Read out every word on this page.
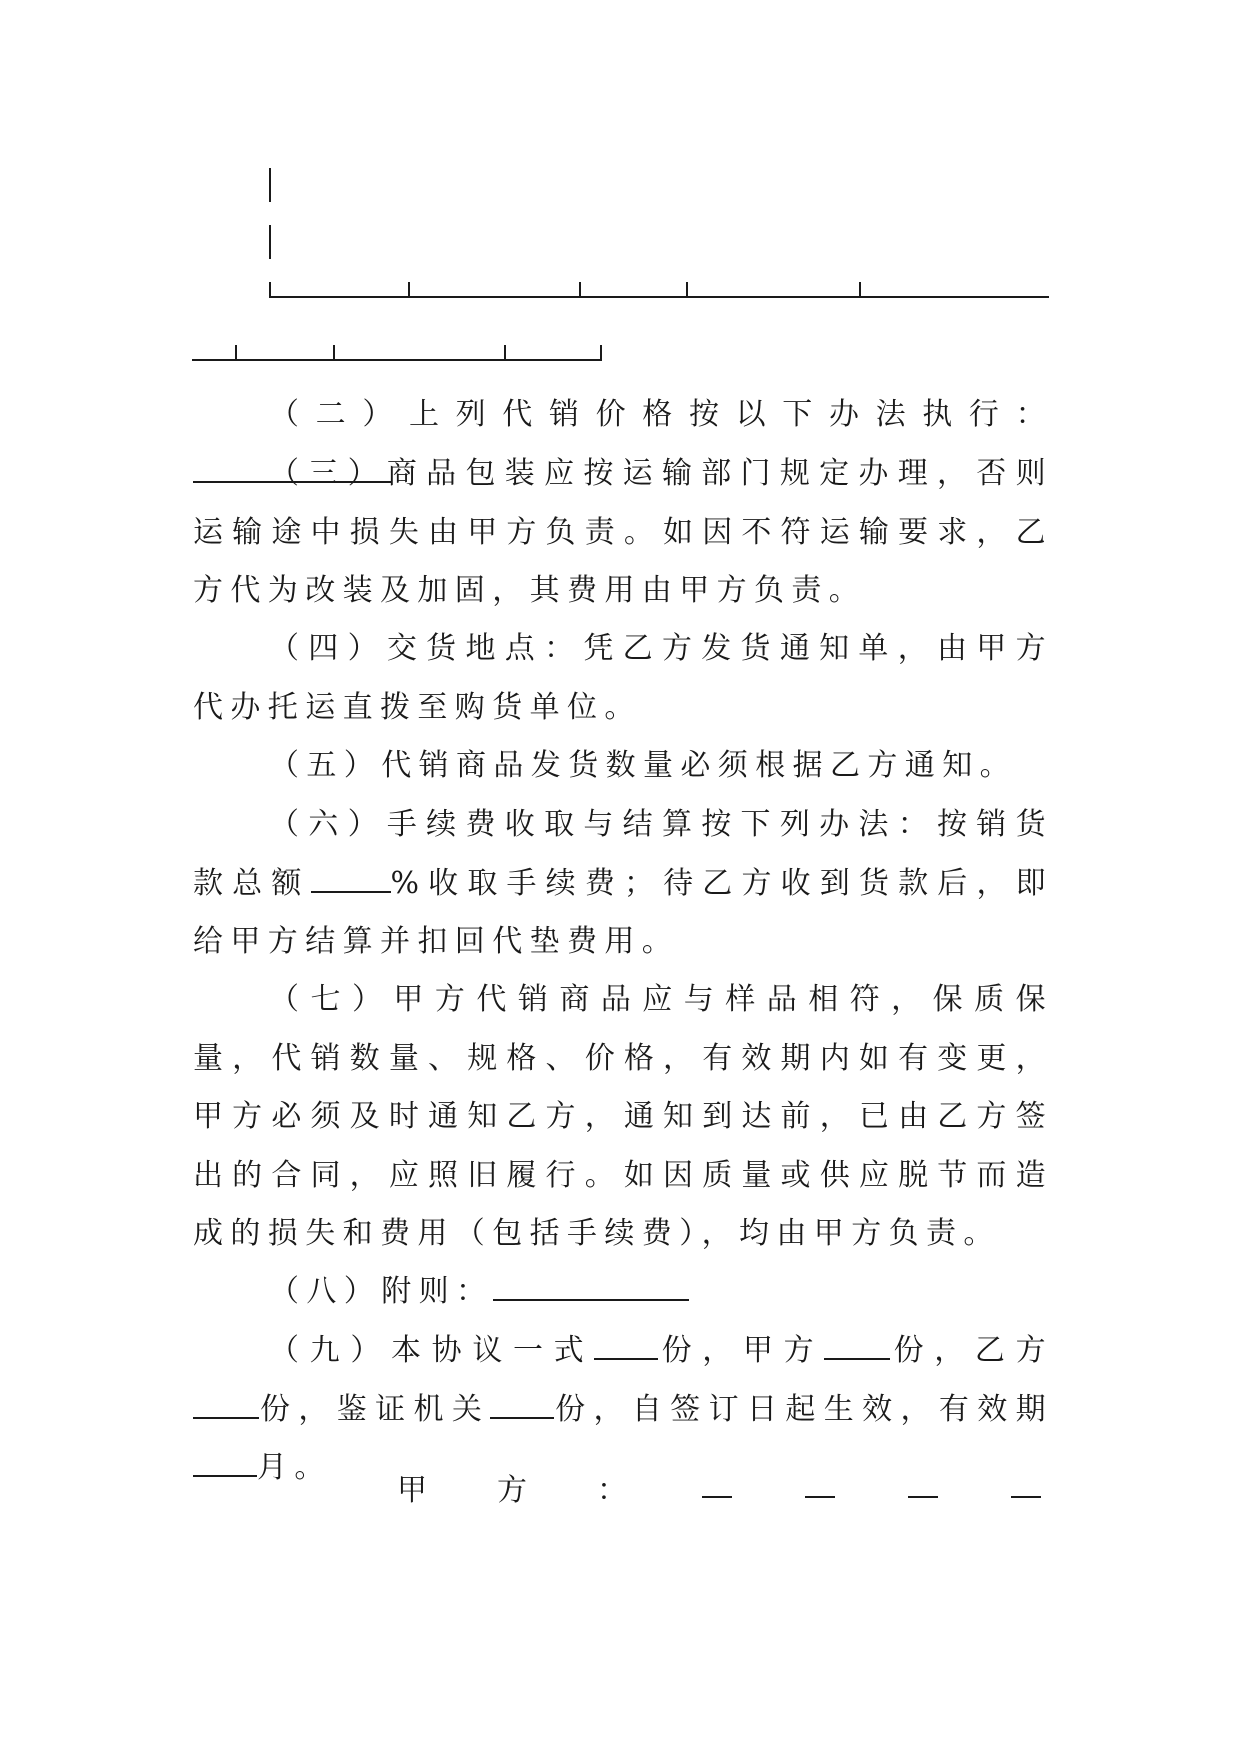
（二）上列代销价格按以下办法执行：

（三）商品包装应按运输部门规定办理，否则运输途中损失由甲方负责。如因不符运输要求，乙方代为改装及加固，其费用由甲方负责。

（四）交货地点：凭乙方发货通知单，由甲方代办托运直拨至购货单位。

（五）代销商品发货数量必须根据乙方通知。

（六）手续费收取与结算按下列办法：按销货款总额	%收取手续费；待乙方收到货款后，即给甲方结算并扣回代垫费用。

（七）甲方代销商品应与样品相符，保质保量，代销数量、规格、价格，有效期内如有变更，甲方必须及时通知乙方，通知到达前，已由乙方签出的合同，应照旧履行。如因质量或供应脱节而造成的损失和费用（包括手续费），均由甲方负责。

（八）附则：

（九）本协议一式 份，甲方 份，乙方份，鉴证机关 份，自签订日起生效，有效期月。

甲 方 ：
